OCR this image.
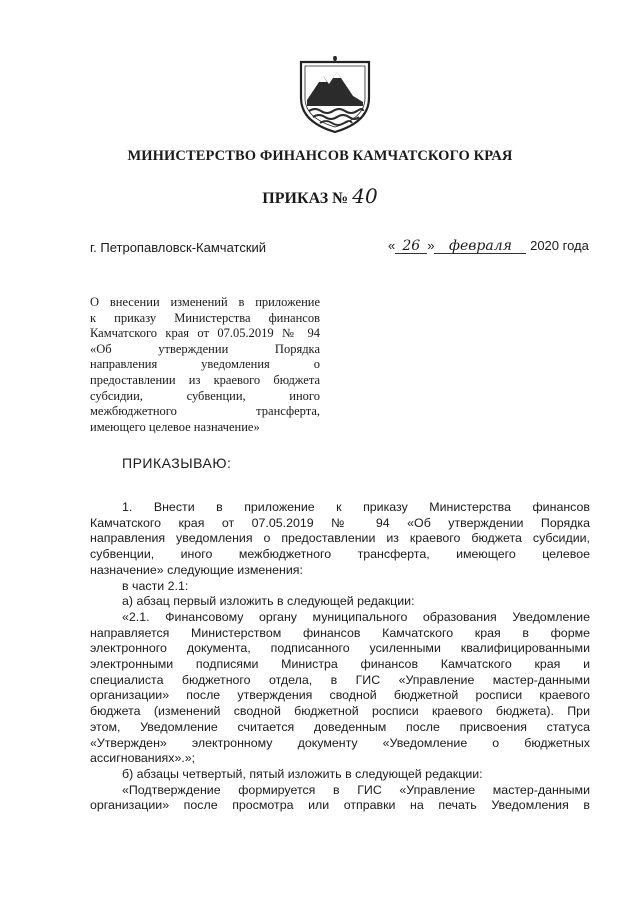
МИНИСТЕРСТВО ФИНАНСОВ КАМЧАТСКОГО КРАЯ
ПРИКАЗ № 40
г. Петропавловск-Камчатский	« 26 » февраля 2020 года
О внесении изменений в приложение
к приказу Министерства финансов
Камчатского края от 07.05.2019 № 94
«Об утверждении Порядка
направления уведомления о
предоставлении из краевого бюджета
субсидии, субвенции, иного
межбюджетного трансферта,
имеющего целевое назначение»
ПРИКАЗЫВАЮ:
1. Внести в приложение к приказу Министерства финансов
Камчатского края от 07.05.2019 № 94 «Об утверждении Порядка
направления уведомления о предоставлении из краевого бюджета субсидии,
субвенции, иного межбюджетного трансферта, имеющего целевое
назначение» следующие изменения:
в части 2.1:
а) абзац первый изложить в следующей редакции:
«2.1. Финансовому органу муниципального образования Уведомление
направляется Министерством финансов Камчатского края в форме
электронного документа, подписанного усиленными квалифицированными
электронными подписями Министра финансов Камчатского края и
специалиста бюджетного отдела, в ГИС «Управление мастер-данными
организации» после утверждения сводной бюджетной росписи краевого
бюджета (изменений сводной бюджетной росписи краевого бюджета). При
этом, Уведомление считается доведенным после присвоения статуса
«Утвержден» электронному документу «Уведомление о бюджетных
ассигнованиях».»;
б) абзацы четвертый, пятый изложить в следующей редакции:
«Подтверждение формируется в ГИС «Управление мастер-данными
организации» после просмотра или отправки на печать Уведомления в
